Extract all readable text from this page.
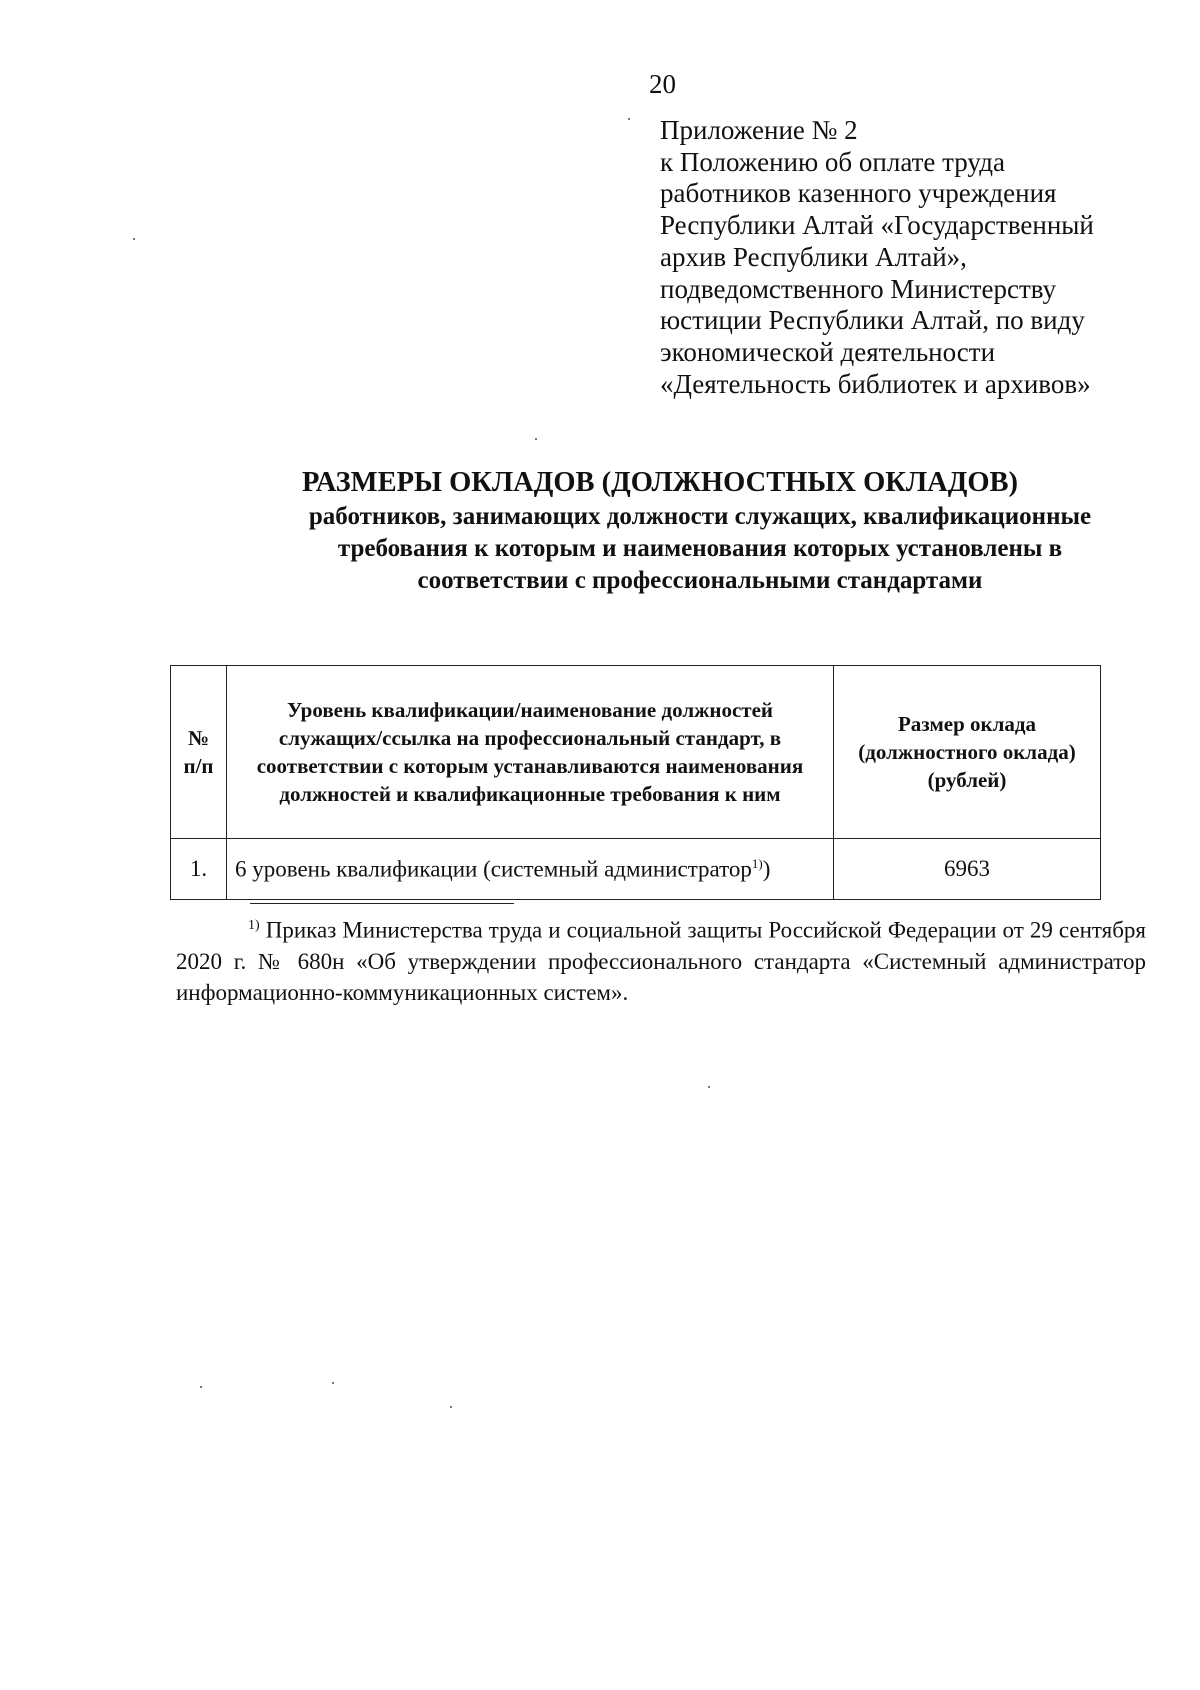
20
Приложение № 2
к Положению об оплате труда
работников казенного учреждения
Республики Алтай «Государственный
архив Республики Алтай»,
подведомственного Министерству
юстиции Республики Алтай, по виду
экономической деятельности
«Деятельность библиотек и архивов»
РАЗМЕРЫ ОКЛАДОВ (ДОЛЖНОСТНЫХ ОКЛАДОВ)
работников, занимающих должности служащих, квалификационные
требования к которым и наименования которых установлены в
соответствии с профессиональными стандартами
№
п/п	Уровень квалификации/наименование должностей служащих/ссылка на профессиональный стандарт, в соответствии с которым устанавливаются наименования должностей и квалификационные требования к ним	Размер оклада (должностного оклада) (рублей)
1.	6 уровень квалификации (системный администратор$^{1)}$)	6963
$^{1)}$ Приказ Министерства труда и социальной защиты Российской Федерации от 29 сентября 2020 г. № 680н «Об утверждении профессионального стандарта «Системный администратор информационно-коммуникационных систем».
